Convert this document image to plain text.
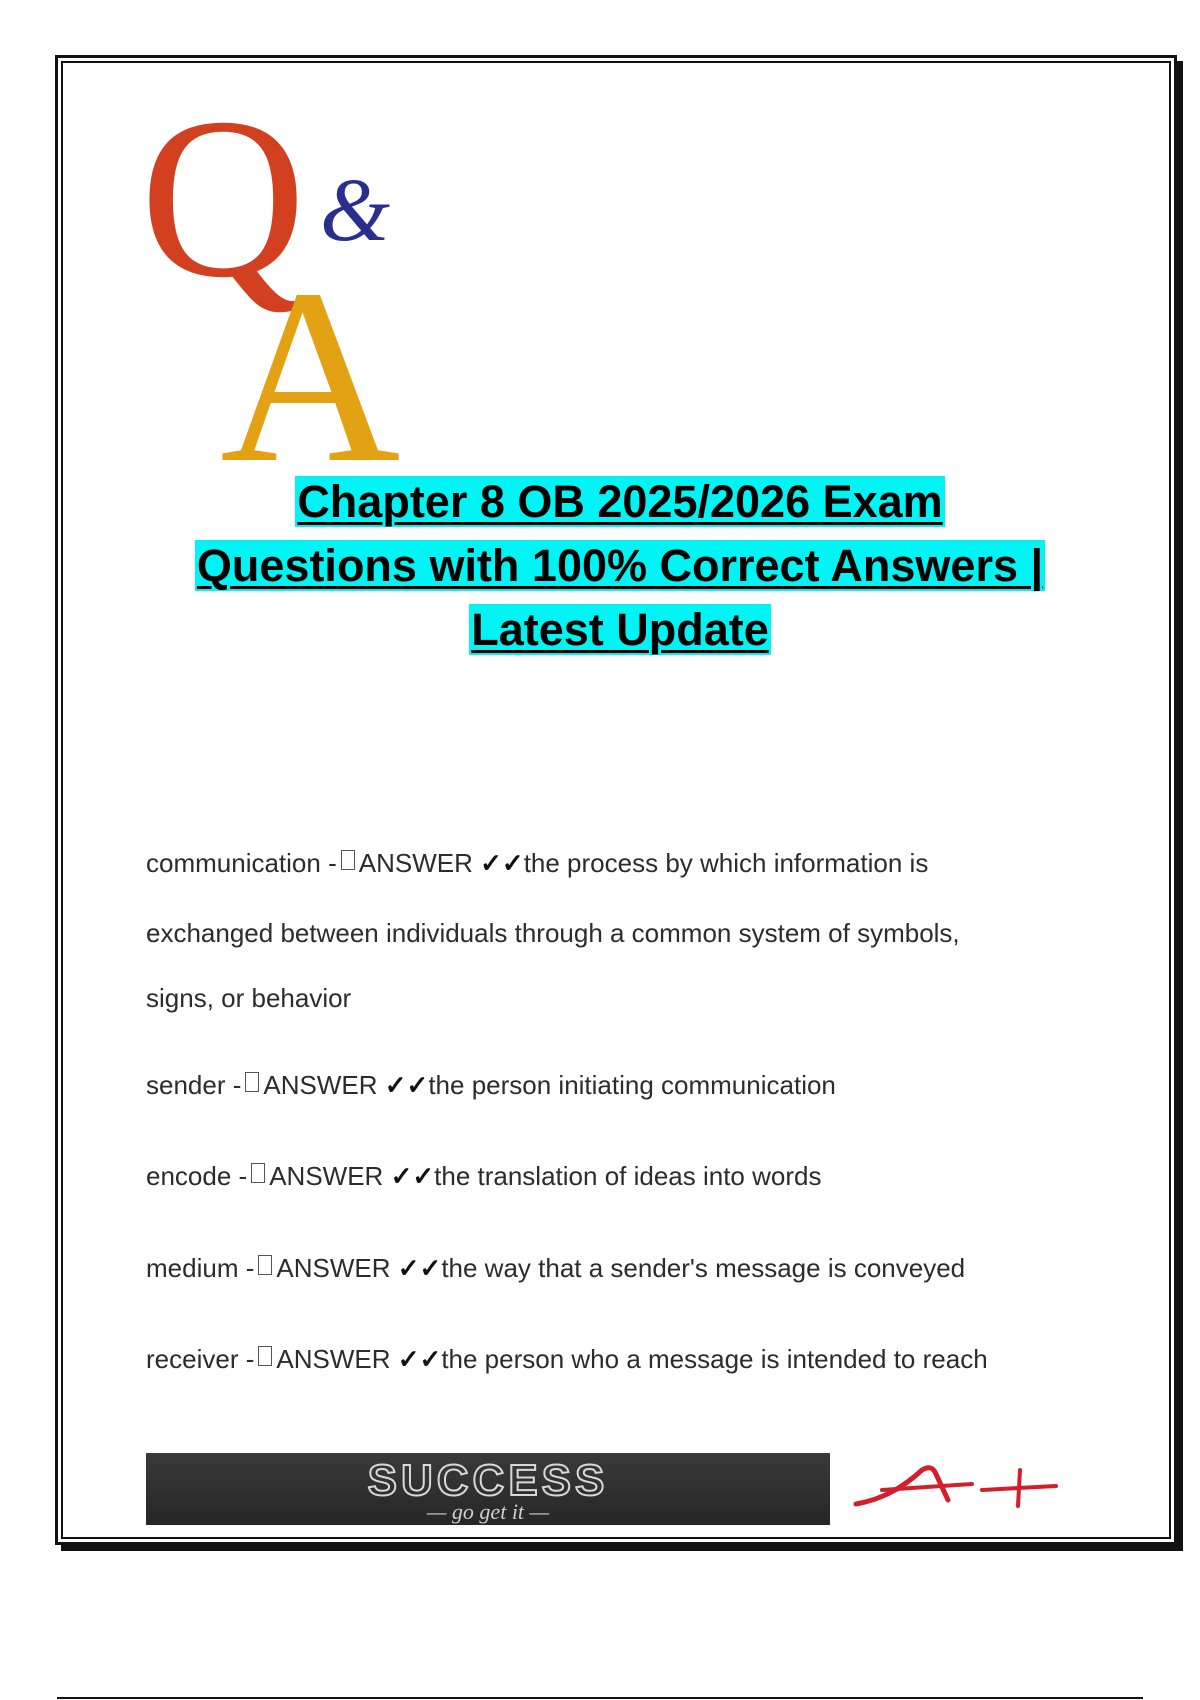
Q &
A
Chapter 8 OB 2025/2026 Exam
Questions with 100% Correct Answers |
Latest Update
communication - ANSWER ✓✓the process by which information is
exchanged between individuals through a common system of symbols,
signs, or behavior
sender - ANSWER ✓✓the person initiating communication
encode - ANSWER ✓✓the translation of ideas into words
medium - ANSWER ✓✓the way that a sender's message is conveyed
receiver - ANSWER ✓✓the person who a message is intended to reach
SUCCESS
— go get it —
